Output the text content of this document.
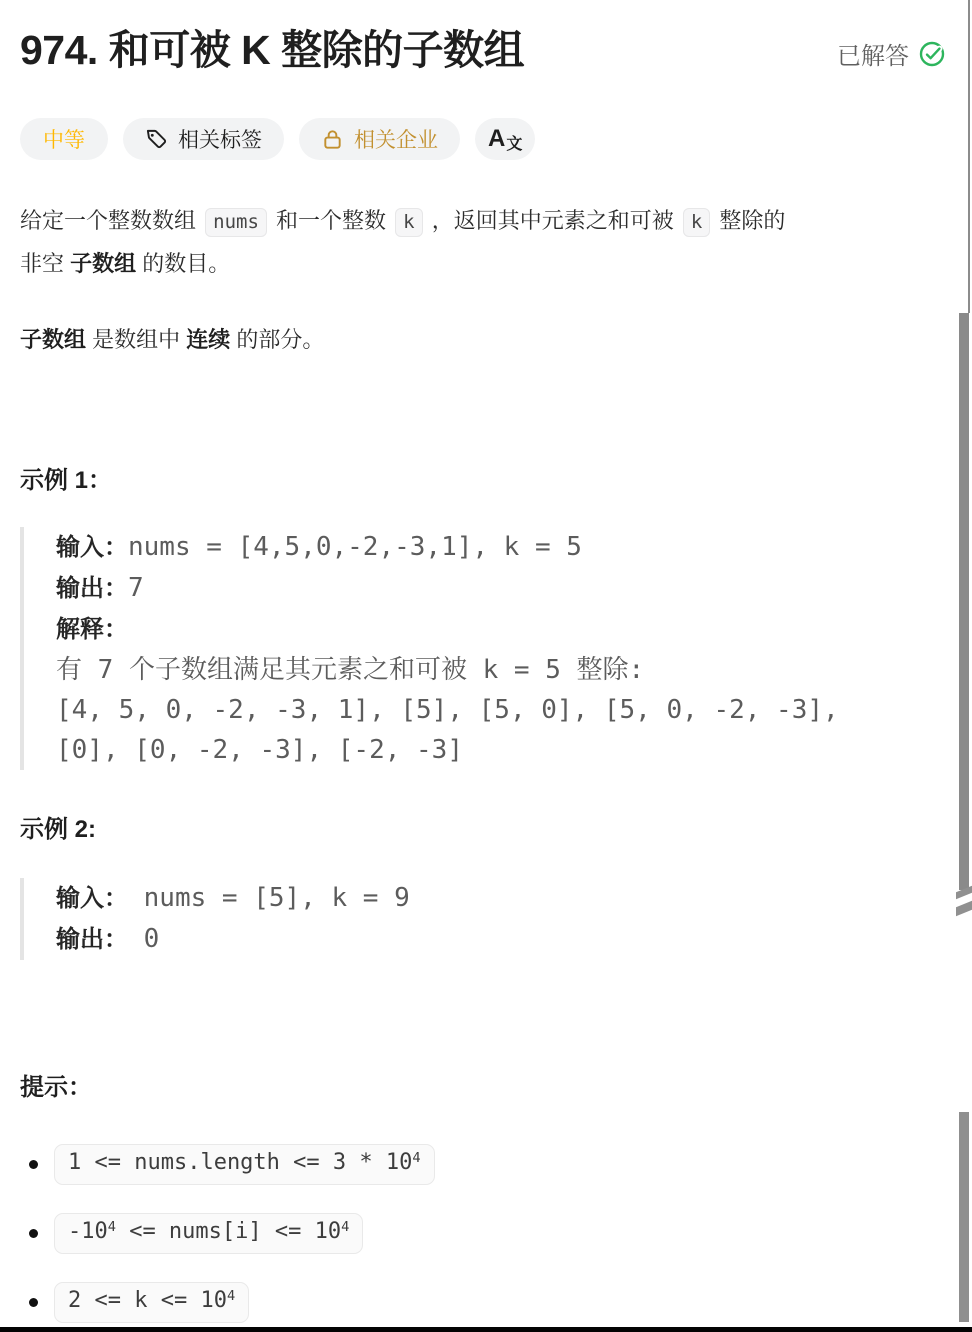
974. 和可被 K 整除的子数组	已解答
中等	相关标签	相关企业 A 文
给定一个整数数组 nums 和一个整数 k ，返回其中元素之和可被 k 整除的
非空 子数组 的数目。
子数组 是数组中 连续 的部分。
示例 1：
输入：nums = [4,5,0,-2,-3,1], k = 5
输出：7
解释：
有 7 个子数组满足其元素之和可被 k = 5 整除:
[4, 5, 0, -2, -3, 1], [5], [5, 0], [5, 0, -2, -3],
[0], [0, -2, -3], [-2, -3]
示例 2:
输入： nums = [5], k = 9
输出： 0
提示：
1 <= nums.length <= $3 * 10^4$
$-10^4$ <= nums[i] <= $10^4$
$2 <= k <= 10^4$
